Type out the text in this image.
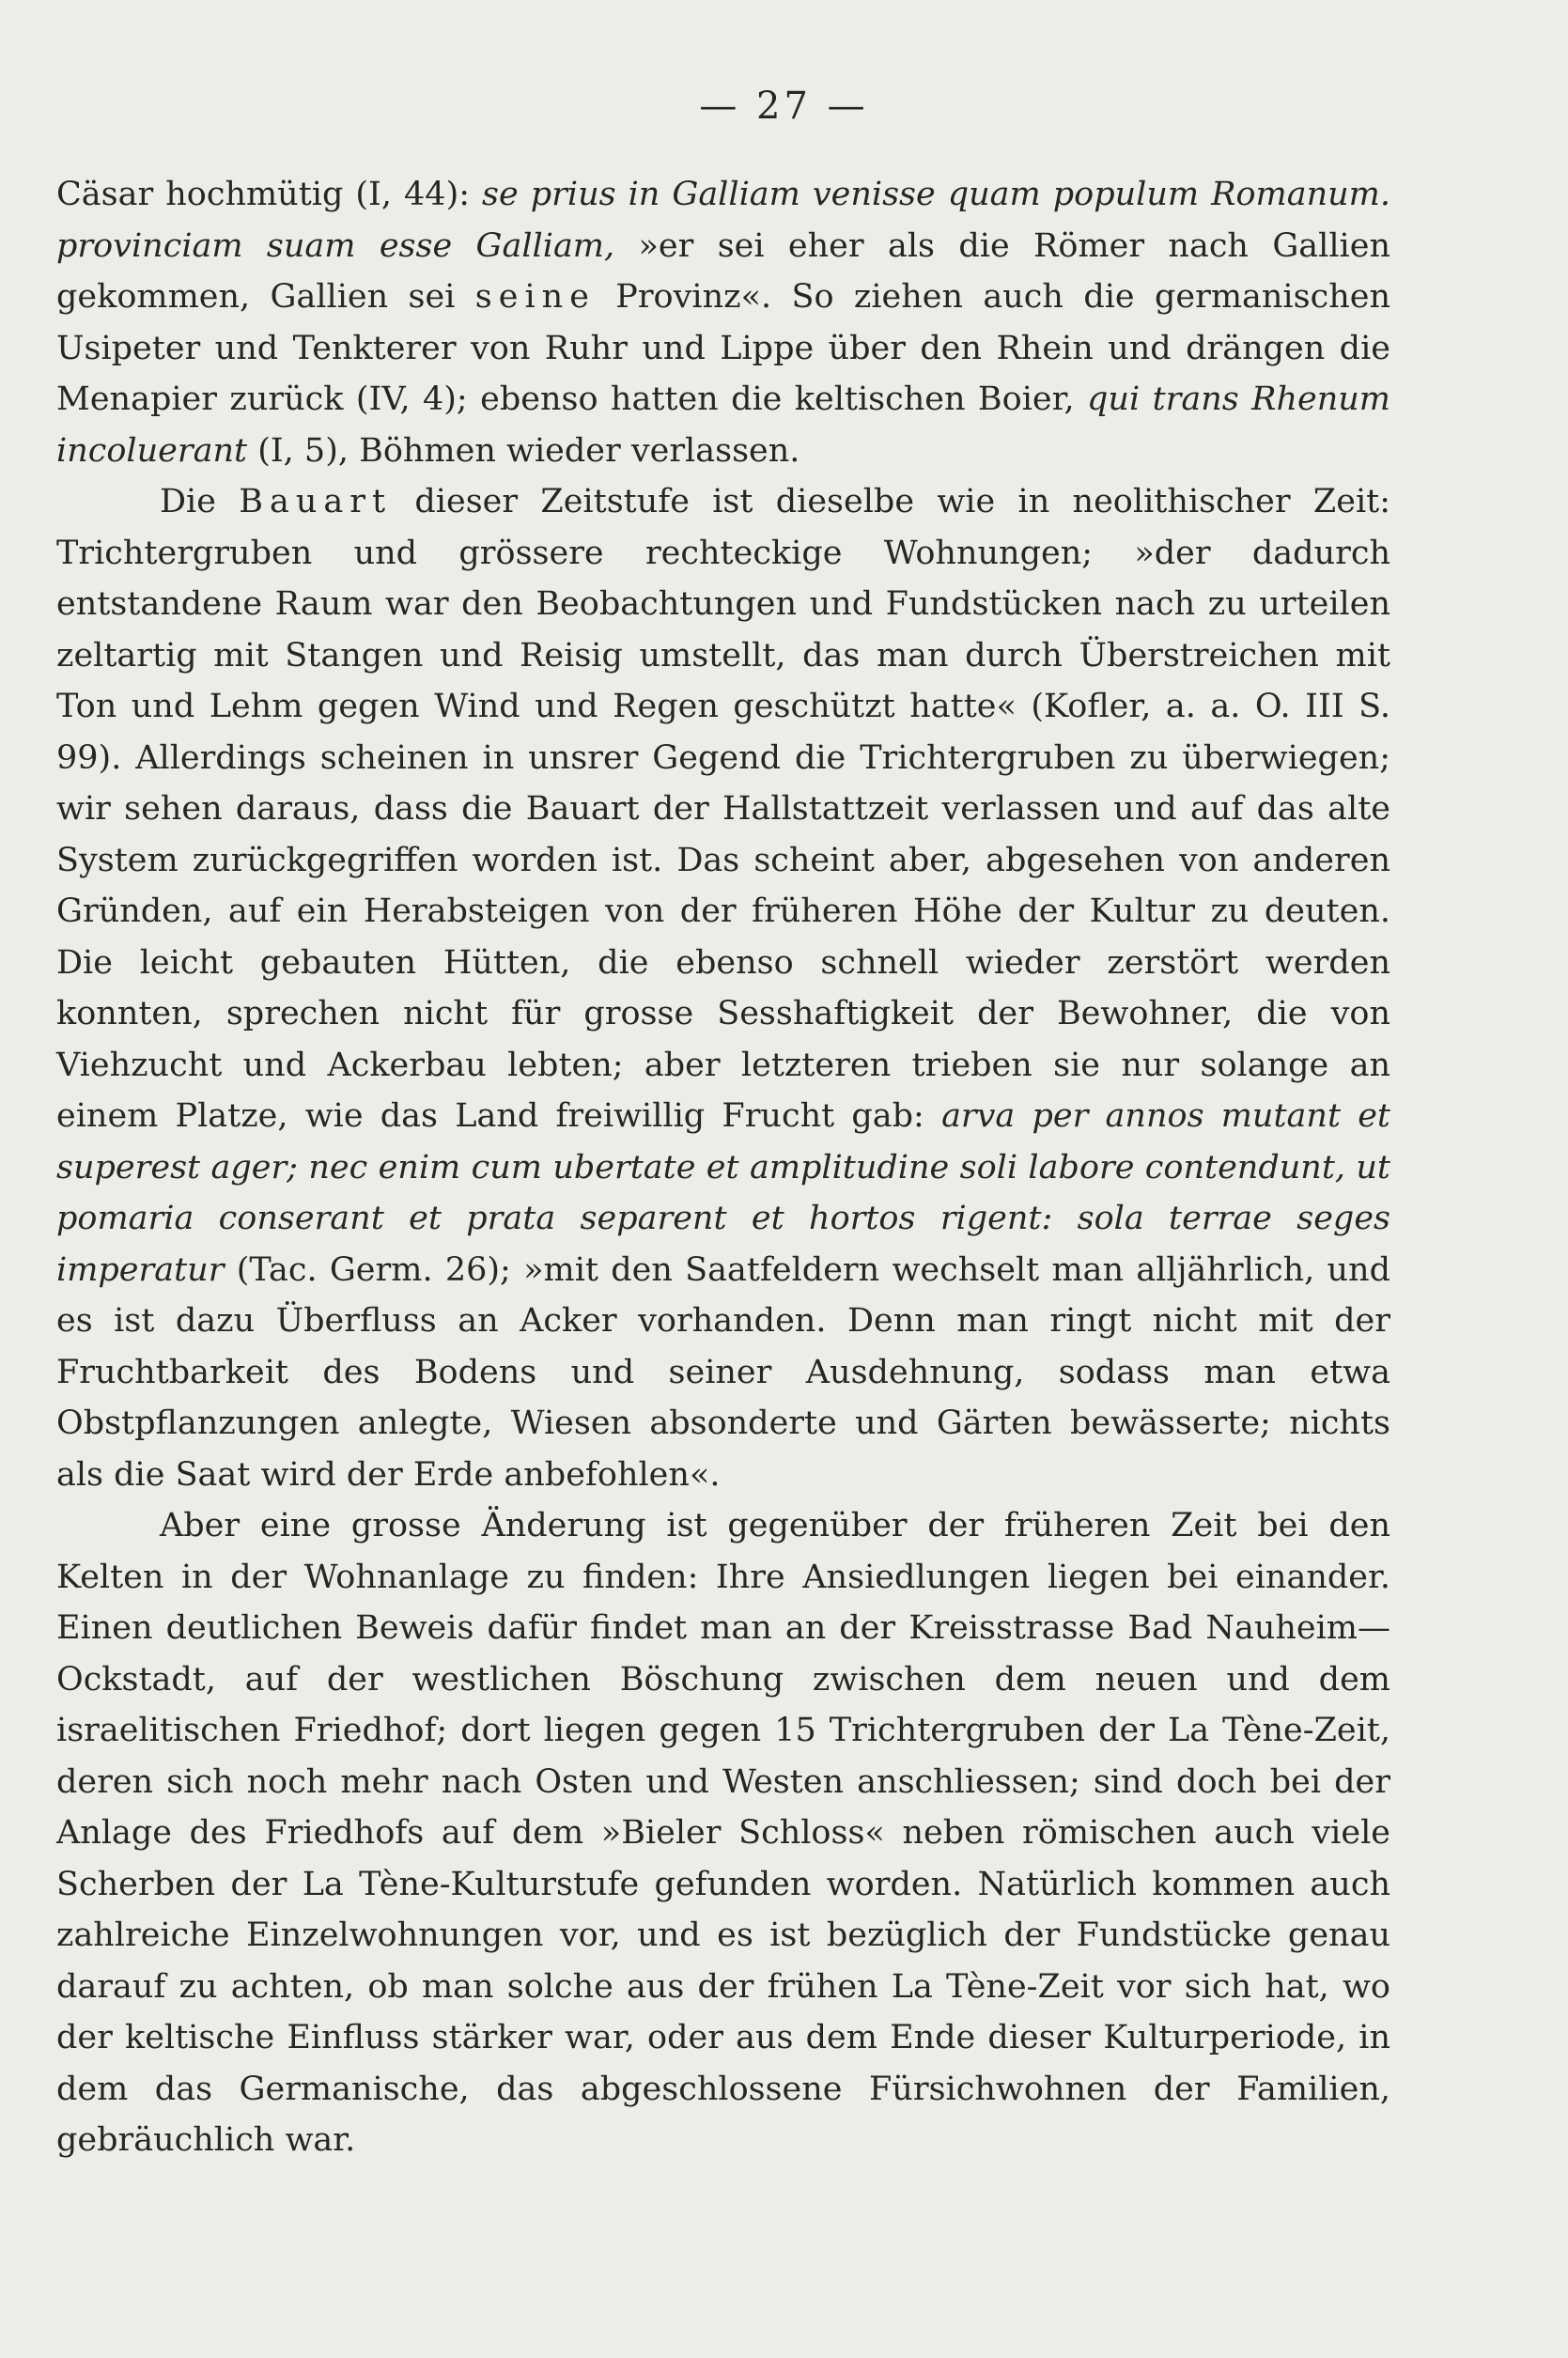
— 27 —

Cäsar hochmütig (I, 44): se prius in Galliam venisse quam populum Romanum. provinciam suam esse Galliam, »er sei eher als die Römer nach Gallien gekommen, Gallien sei seine Provinz«. So ziehen auch die germanischen Usipeter und Tenkterer von Ruhr und Lippe über den Rhein und drängen die Menapier zurück (IV, 4); ebenso hatten die keltischen Boier, qui trans Rhenum incoluerant (I, 5), Böhmen wieder verlassen.

Die Bauart dieser Zeitstufe ist dieselbe wie in neolithischer Zeit: Trichtergruben und grössere rechteckige Wohnungen; »der dadurch entstandene Raum war den Beobachtungen und Fundstücken nach zu urteilen zeltartig mit Stangen und Reisig umstellt, das man durch Überstreichen mit Ton und Lehm gegen Wind und Regen geschützt hatte« (Kofler, a. a. O. III S. 99). Allerdings scheinen in unsrer Gegend die Trichtergruben zu überwiegen; wir sehen daraus, dass die Bauart der Hallstattzeit verlassen und auf das alte System zurückgegriffen worden ist. Das scheint aber, abgesehen von anderen Gründen, auf ein Herabsteigen von der früheren Höhe der Kultur zu deuten. Die leicht gebauten Hütten, die ebenso schnell wieder zerstört werden konnten, sprechen nicht für grosse Sesshaftigkeit der Bewohner, die von Viehzucht und Ackerbau lebten; aber letzteren trieben sie nur solange an einem Platze, wie das Land freiwillig Frucht gab: arva per annos mutant et superest ager; nec enim cum ubertate et amplitudine soli labore contendunt, ut pomaria conserant et prata separent et hortos rigent: sola terrae seges imperatur (Tac. Germ. 26); »mit den Saatfeldern wechselt man alljährlich, und es ist dazu Überfluss an Acker vorhanden. Denn man ringt nicht mit der Fruchtbarkeit des Bodens und seiner Ausdehnung, sodass man etwa Obstpflanzungen anlegte, Wiesen absonderte und Gärten bewässerte; nichts als die Saat wird der Erde anbefohlen«.

Aber eine grosse Änderung ist gegenüber der früheren Zeit bei den Kelten in der Wohnanlage zu finden: Ihre Ansiedlungen liegen bei einander. Einen deutlichen Beweis dafür findet man an der Kreisstrasse Bad Nauheim—Ockstadt, auf der westlichen Böschung zwischen dem neuen und dem israelitischen Friedhof; dort liegen gegen 15 Trichtergruben der La Tène-Zeit, deren sich noch mehr nach Osten und Westen anschliessen; sind doch bei der Anlage des Friedhofs auf dem »Bieler Schloss« neben römischen auch viele Scherben der La Tène-Kulturstufe gefunden worden. Natürlich kommen auch zahlreiche Einzelwohnungen vor, und es ist bezüglich der Fundstücke genau darauf zu achten, ob man solche aus der frühen La Tène-Zeit vor sich hat, wo der keltische Einfluss stärker war, oder aus dem Ende dieser Kulturperiode, in dem das Germanische, das abgeschlossene Fürsichwohnen der Familien, gebräuchlich war.
